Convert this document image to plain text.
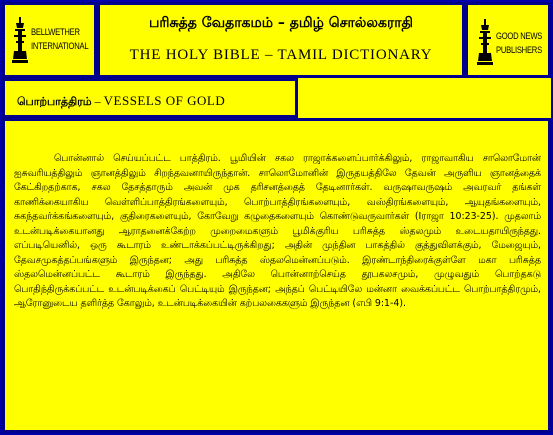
BELLWETHER
INTERNATIONAL
பரிசுத்த வேதாகமம் – தமிழ் சொல்லகராதி
THE HOLY BIBLE – TAMIL DICTIONARY
GOOD NEWS
PUBLISHERS
பொற்பாத்திரம் – VESSELS OF GOLD

பொன்னால் செய்யப்பட்ட பாத்திரம். பூமியின் சகல ராஜாக்களைப்பார்க்கிலும், ராஜாவாகிய சாலொமோன் ஐசுவரியத்திலும் ஞானத்திலும் சிறந்தவனாயிருந்தான். சாலொமோனின் இருதயத்திலே தேவன் அருளிய ஞானத்தைக் கேட்கிறதற்காக, சகல தேசத்தாரும் அவன் முக தரிசனத்தைத் தேடினார்கள். வருஷாவருஷம் அவரவர் தங்கள் காணிக்கையாகிய வெள்ளிப்பாத்திரங்களையும், பொற்பாத்திரங்களையும், வஸ்திரங்களையும், ஆயுதங்களையும், சுகந்தவர்க்கங்களையும், குதிரைகளையும், கோவேறு கழுதைகளையும் கொண்டுவருவார்கள் (Iராஜா 10:23-25). முதலாம் உடன்படிக்கையானது ஆராதனைக்கேற்ற முறைமைகளும் பூமிக்குரிய பரிசுத்த ஸ்தலமும் உடையதாயிருந்தது. எப்படியெனில், ஒரு கூடாரம் உண்டாக்கப்பட்டிருக்கிறது; அதின் முந்தின பாகத்தில் குத்துவிளக்கும், மேஜையும், தேவசமுகத்தப்பங்களும் இருந்தன; அது பரிசுத்த ஸ்தலமென்னப்படும். இரண்டாந்திரைக்குள்ளே மகா பரிசுத்த ஸ்தலமென்னப்பட்ட கூடாரம் இருந்தது. அதிலே பொன்னாற்செய்த தூபகலசமும், முழுவதும் பொற்தகடு பொதிந்திருக்கப்பட்ட உடன்படிக்கைப் பெட்டியும் இருந்தன; அந்தப் பெட்டியிலே மன்னா வைக்கப்பட்ட பொற்பாத்திரமும், ஆரோனுடைய தளிர்த்த கோலும், உடன்படிக்கையின் கற்பலகைகளும் இருந்தன (எபி 9:1-4).
